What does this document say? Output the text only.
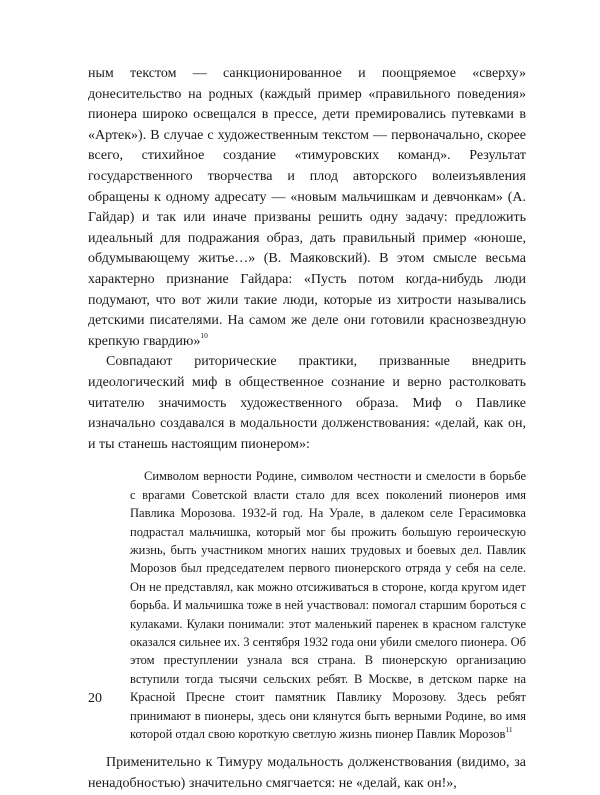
ным текстом — санкционированное и поощряемое «сверху» донесительство на родных (каждый пример «правильного поведения» пионера широко освещался в прессе, дети премировались путевками в «Артек»). В случае с художественным текстом — первоначально, скорее всего, стихийное создание «тимуровских команд». Результат государственного творчества и плод авторского волеизъявления обращены к одному адресату — «новым мальчишкам и девчонкам» (А. Гайдар) и так или иначе призваны решить одну задачу: предложить идеальный для подражания образ, дать правильный пример «юноше, обдумывающему житье…» (В. Маяковский). В этом смысле весьма характерно признание Гайдара: «Пусть потом когда-нибудь люди подумают, что вот жили такие люди, которые из хитрости назывались детскими писателями. На самом же деле они готовили краснозвездную крепкую гвардию»$^{10}$

Совпадают риторические практики, призванные внедрить идеологический миф в общественное сознание и верно растолковать читателю значимость художественного образа. Миф о Павлике изначально создавался в модальности долженствования: «делай, как он, и ты станешь настоящим пионером»:

Символом верности Родине, символом честности и смелости в борьбе с врагами Советской власти стало для всех поколений пионеров имя Павлика Морозова. 1932-й год. На Урале, в далеком селе Герасимовка подрастал мальчишка, который мог бы прожить большую героическую жизнь, быть участником многих наших трудовых и боевых дел. Павлик Морозов был председателем первого пионерского отряда у себя на селе. Он не представлял, как можно отсиживаться в стороне, когда кругом идет борьба. И мальчишка тоже в ней участвовал: помогал старшим бороться с кулаками. Кулаки понимали: этот маленький паренек в красном галстуке оказался сильнее их. 3 сентября 1932 года они убили смелого пионера. Об этом преступлении узнала вся страна. В пионерскую организацию вступили тогда тысячи сельских ребят. В Москве, в детском парке на Красной Пресне стоит памятник Павлику Морозову. Здесь ребят принимают в пионеры, здесь они клянутся быть верными Родине, во имя которой отдал свою короткую светлую жизнь пионер Павлик Морозов$^{11}$

Применительно к Тимуру модальность долженствования (видимо, за ненадобностью) значительно смягчается: не «делай, как он!»,

20
